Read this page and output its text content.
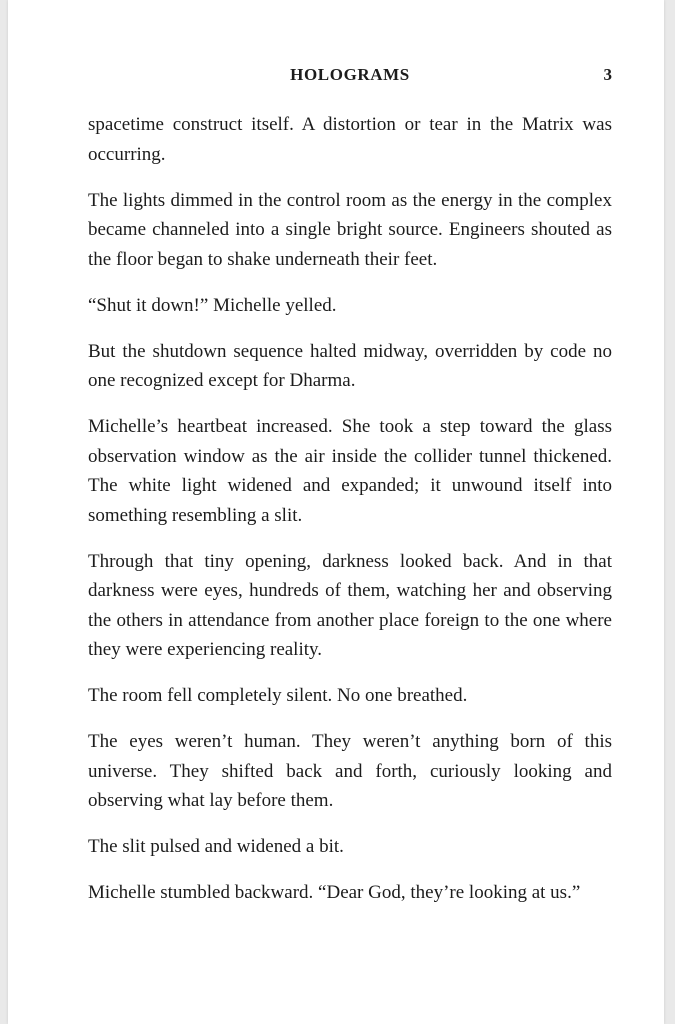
HOLOGRAMS	3

spacetime construct itself. A distortion or tear in the Matrix was occurring.

The lights dimmed in the control room as the energy in the complex became channeled into a single bright source. Engineers shouted as the floor began to shake underneath their feet.

“Shut it down!” Michelle yelled.

But the shutdown sequence halted midway, overridden by code no one recognized except for Dharma.

Michelle’s heartbeat increased. She took a step toward the glass observation window as the air inside the collider tunnel thickened. The white light widened and expanded; it unwound itself into something resembling a slit.

Through that tiny opening, darkness looked back. And in that darkness were eyes, hundreds of them, watching her and observing the others in attendance from another place foreign to the one where they were experiencing reality.

The room fell completely silent. No one breathed.

The eyes weren’t human. They weren’t anything born of this universe. They shifted back and forth, curiously looking and observing what lay before them.

The slit pulsed and widened a bit.

Michelle stumbled backward. “Dear God, they’re looking at us.”
